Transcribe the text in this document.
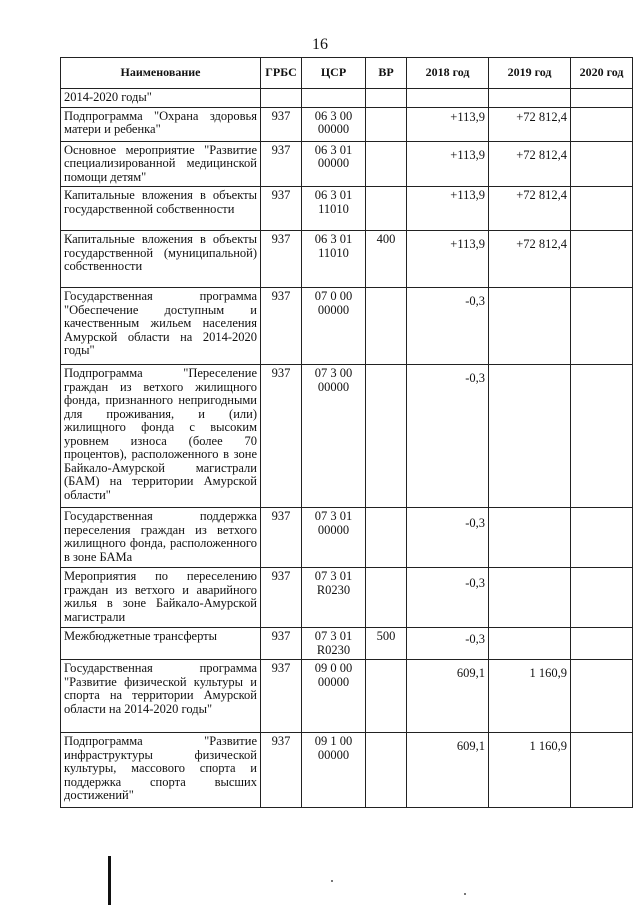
16
Наименование	ГРБС	ЦСР	ВР	2018 год	2019 год	2020 год
2014-2020 годы"						
Подпрограмма "Охрана здоровья матери и ребенка"	937	06 3 00 00000		+113,9	+72 812,4	
Основное мероприятие "Развитие специализированной медицинской помощи детям"	937	06 3 01 00000		+113,9	+72 812,4	
Капитальные вложения в объекты государственной собственности	937	06 3 01 11010		+113,9	+72 812,4	
Капитальные вложения в объекты государственной (муниципальной) собственности	937	06 3 01 11010	400	+113,9	+72 812,4	
Государственная программа "Обеспечение доступным и качественным жильем населения Амурской области на 2014-2020 годы"	937	07 0 00 00000		-0,3		
Подпрограмма "Переселение граждан из ветхого жилищного фонда, признанного непригодными для проживания, и (или) жилищного фонда с высоким уровнем износа (более 70 процентов), расположенного в зоне Байкало-Амурской магистрали (БАМ) на территории Амурской области"	937	07 3 00 00000		-0,3		
Государственная поддержка переселения граждан из ветхого жилищного фонда, расположенного в зоне БАМа	937	07 3 01 00000		-0,3		
Мероприятия по переселению граждан из ветхого и аварийного жилья в зоне Байкало-Амурской магистрали	937	07 3 01 R0230		-0,3		
Межбюджетные трансферты	937	07 3 01 R0230	500	-0,3		
Государственная программа "Развитие физической культуры и спорта на территории Амурской области на 2014-2020 годы"	937	09 0 00 00000		609,1	1 160,9	
Подпрограмма "Развитие инфраструктуры физической культуры, массового спорта и поддержка спорта высших достижений"	937	09 1 00 00000		609,1	1 160,9	
